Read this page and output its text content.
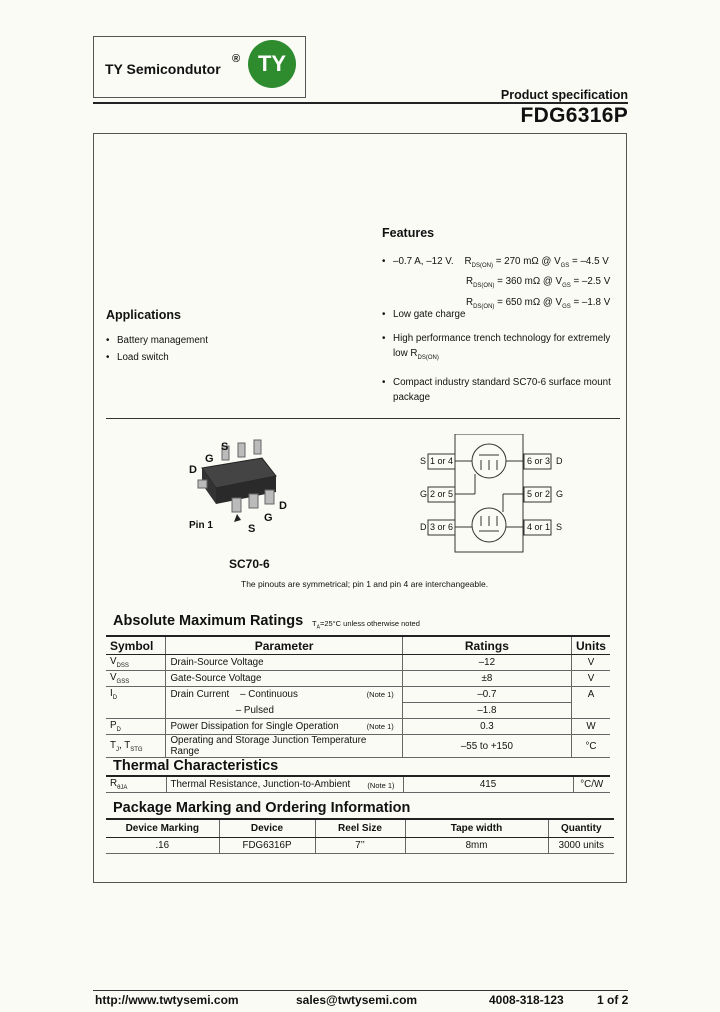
TY Semicondutor
® TY
Product specification
FDG6316P
Features
• –0.7 A, –12 V.    $R_{DS(ON)} = 270$ mΩ @ $V_{GS} = -4.5$ V
$R_{DS(ON)} = 360$ mΩ @ $V_{GS} = -2.5$ V
$R_{DS(ON)} = 650$ mΩ @ $V_{GS} = -1.8$ V
• Low gate charge
• High performance trench technology for extremely low $R_{DS(ON)}$
• Compact industry standard SC70-6 surface mount package
Applications
• Battery management
• Load switch
S
G
D
D
G
S
Pin 1
SC70-6
S 1 or 4
G 2 or 5
D 3 or 6
6 or 3 D
5 or 2 G
4 or 1 S
The pinouts are symmetrical; pin 1 and pin 4 are interchangeable.
Absolute Maximum Ratings $T_A=25^\circ C$ unless otherwise noted
Symbol	Parameter	Ratings	Units
$V_{DSS}$	Drain-Source Voltage	–12	V
$V_{GSS}$	Gate-Source Voltage	±8	V
$I_D$	Drain Current    – Continuous (Note 1)	–0.7	A
	– Pulsed	–1.8	
$P_D$	Power Dissipation for Single Operation (Note 1)	0.3	W
$T_J$, $T_{STG}$	Operating and Storage Junction Temperature Range	–55 to +150	°C
Thermal Characteristics
$R_{\theta JA}$	Thermal Resistance, Junction-to-Ambient (Note 1)	415	°C/W
Package Marking and Ordering Information
Device Marking	Device	Reel Size	Tape width	Quantity
.16	FDG6316P	7’’	8mm	3000 units
http://www.twtysemi.com	sales@twtysemi.com	4008-318-123	1 of 2
